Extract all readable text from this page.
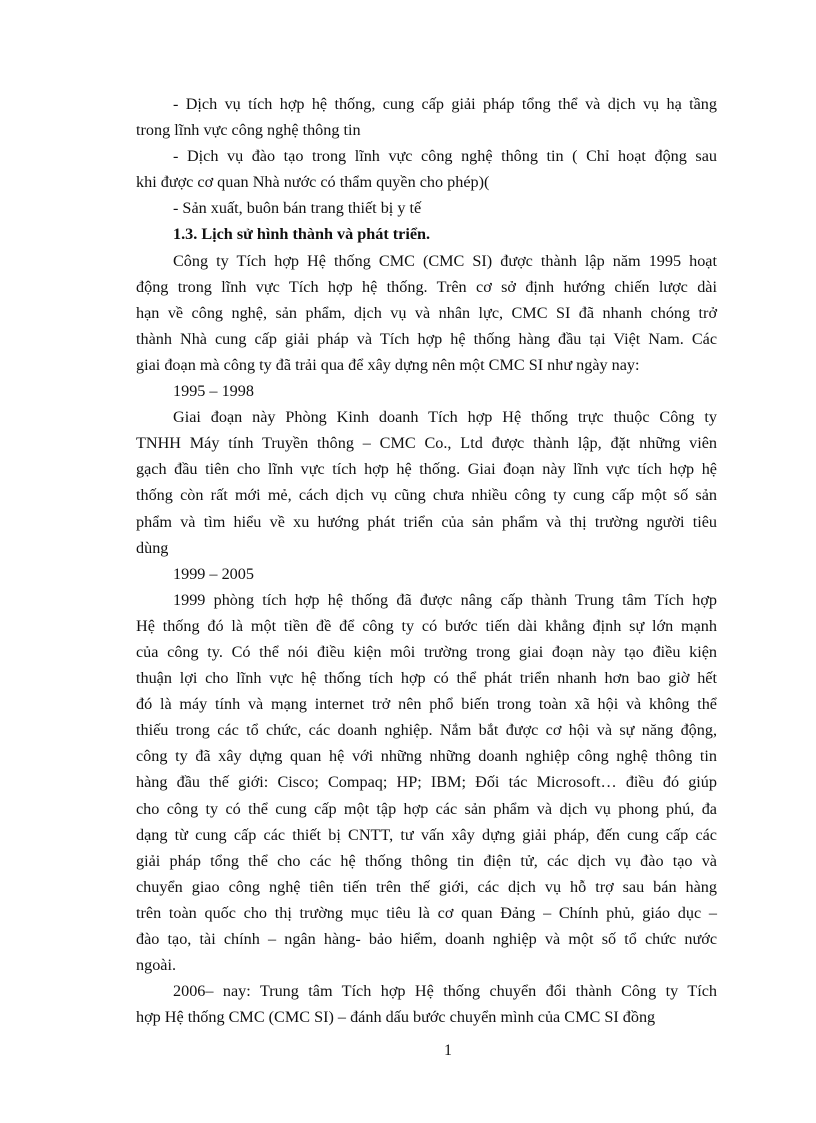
- Dịch vụ tích hợp hệ thống, cung cấp giải pháp tổng thể và dịch vụ hạ tầng
trong lĩnh vực công nghệ thông tin
- Dịch vụ đào tạo trong lĩnh vực công nghệ thông tin ( Chỉ hoạt động sau
khi được cơ quan Nhà nước có thẩm quyền cho phép)(
- Sản xuất, buôn bán trang thiết bị y tế
1.3. Lịch sử hình thành và phát triển.
Công ty Tích hợp Hệ thống CMC (CMC SI) được thành lập năm 1995 hoạt
động trong lĩnh vực Tích hợp hệ thống. Trên cơ sở định hướng chiến lược dài
hạn về công nghệ, sản phẩm, dịch vụ và nhân lực, CMC SI đã nhanh chóng trở
thành Nhà cung cấp giải pháp và Tích hợp hệ thống hàng đầu tại Việt Nam. Các
giai đoạn mà công ty đã trải qua để xây dựng nên một CMC SI như ngày nay:
1995 – 1998
Giai đoạn này Phòng Kinh doanh Tích hợp Hệ thống trực thuộc Công ty
TNHH Máy tính Truyền thông – CMC Co., Ltd được thành lập, đặt những viên
gạch đầu tiên cho lĩnh vực tích hợp hệ thống. Giai đoạn này lĩnh vực tích hợp hệ
thống còn rất mới mẻ, cách dịch vụ cũng chưa nhiều công ty cung cấp một số sản
phẩm và tìm hiểu về xu hướng phát triển của sản phẩm và thị trường người tiêu
dùng
1999 – 2005
1999 phòng tích hợp hệ thống đã được nâng cấp thành Trung tâm Tích hợp
Hệ thống đó là một tiền đề để công ty có bước tiến dài khẳng định sự lớn mạnh
của công ty. Có thể nói điều kiện môi trường trong giai đoạn này tạo điều kiện
thuận lợi cho lĩnh vực hệ thống tích hợp có thể phát triển nhanh hơn bao giờ hết
đó là máy tính và mạng internet trở nên phổ biến trong toàn xã hội và không thể
thiếu trong các tổ chức, các doanh nghiệp. Nắm bắt được cơ hội và sự năng động,
công ty đã xây dựng quan hệ với những những doanh nghiệp công nghệ thông tin
hàng đầu thế giới: Cisco; Compaq; HP; IBM; Đối tác Microsoft… điều đó giúp
cho công ty có thể cung cấp một tập hợp các sản phẩm và dịch vụ phong phú, đa
dạng từ cung cấp các thiết bị CNTT, tư vấn xây dựng giải pháp, đến cung cấp các
giải pháp tổng thể cho các hệ thống thông tin điện tử, các dịch vụ đào tạo và
chuyển giao công nghệ tiên tiến trên thế giới, các dịch vụ hỗ trợ sau bán hàng
trên toàn quốc cho thị trường mục tiêu là cơ quan Đảng – Chính phủ, giáo dục –
đào tạo, tài chính – ngân hàng- bảo hiểm, doanh nghiệp và một số tổ chức nước
ngoài.
2006– nay: Trung tâm Tích hợp Hệ thống chuyển đổi thành Công ty Tích
hợp Hệ thống CMC (CMC SI) – đánh dấu bước chuyển mình của CMC SI đồng
1
